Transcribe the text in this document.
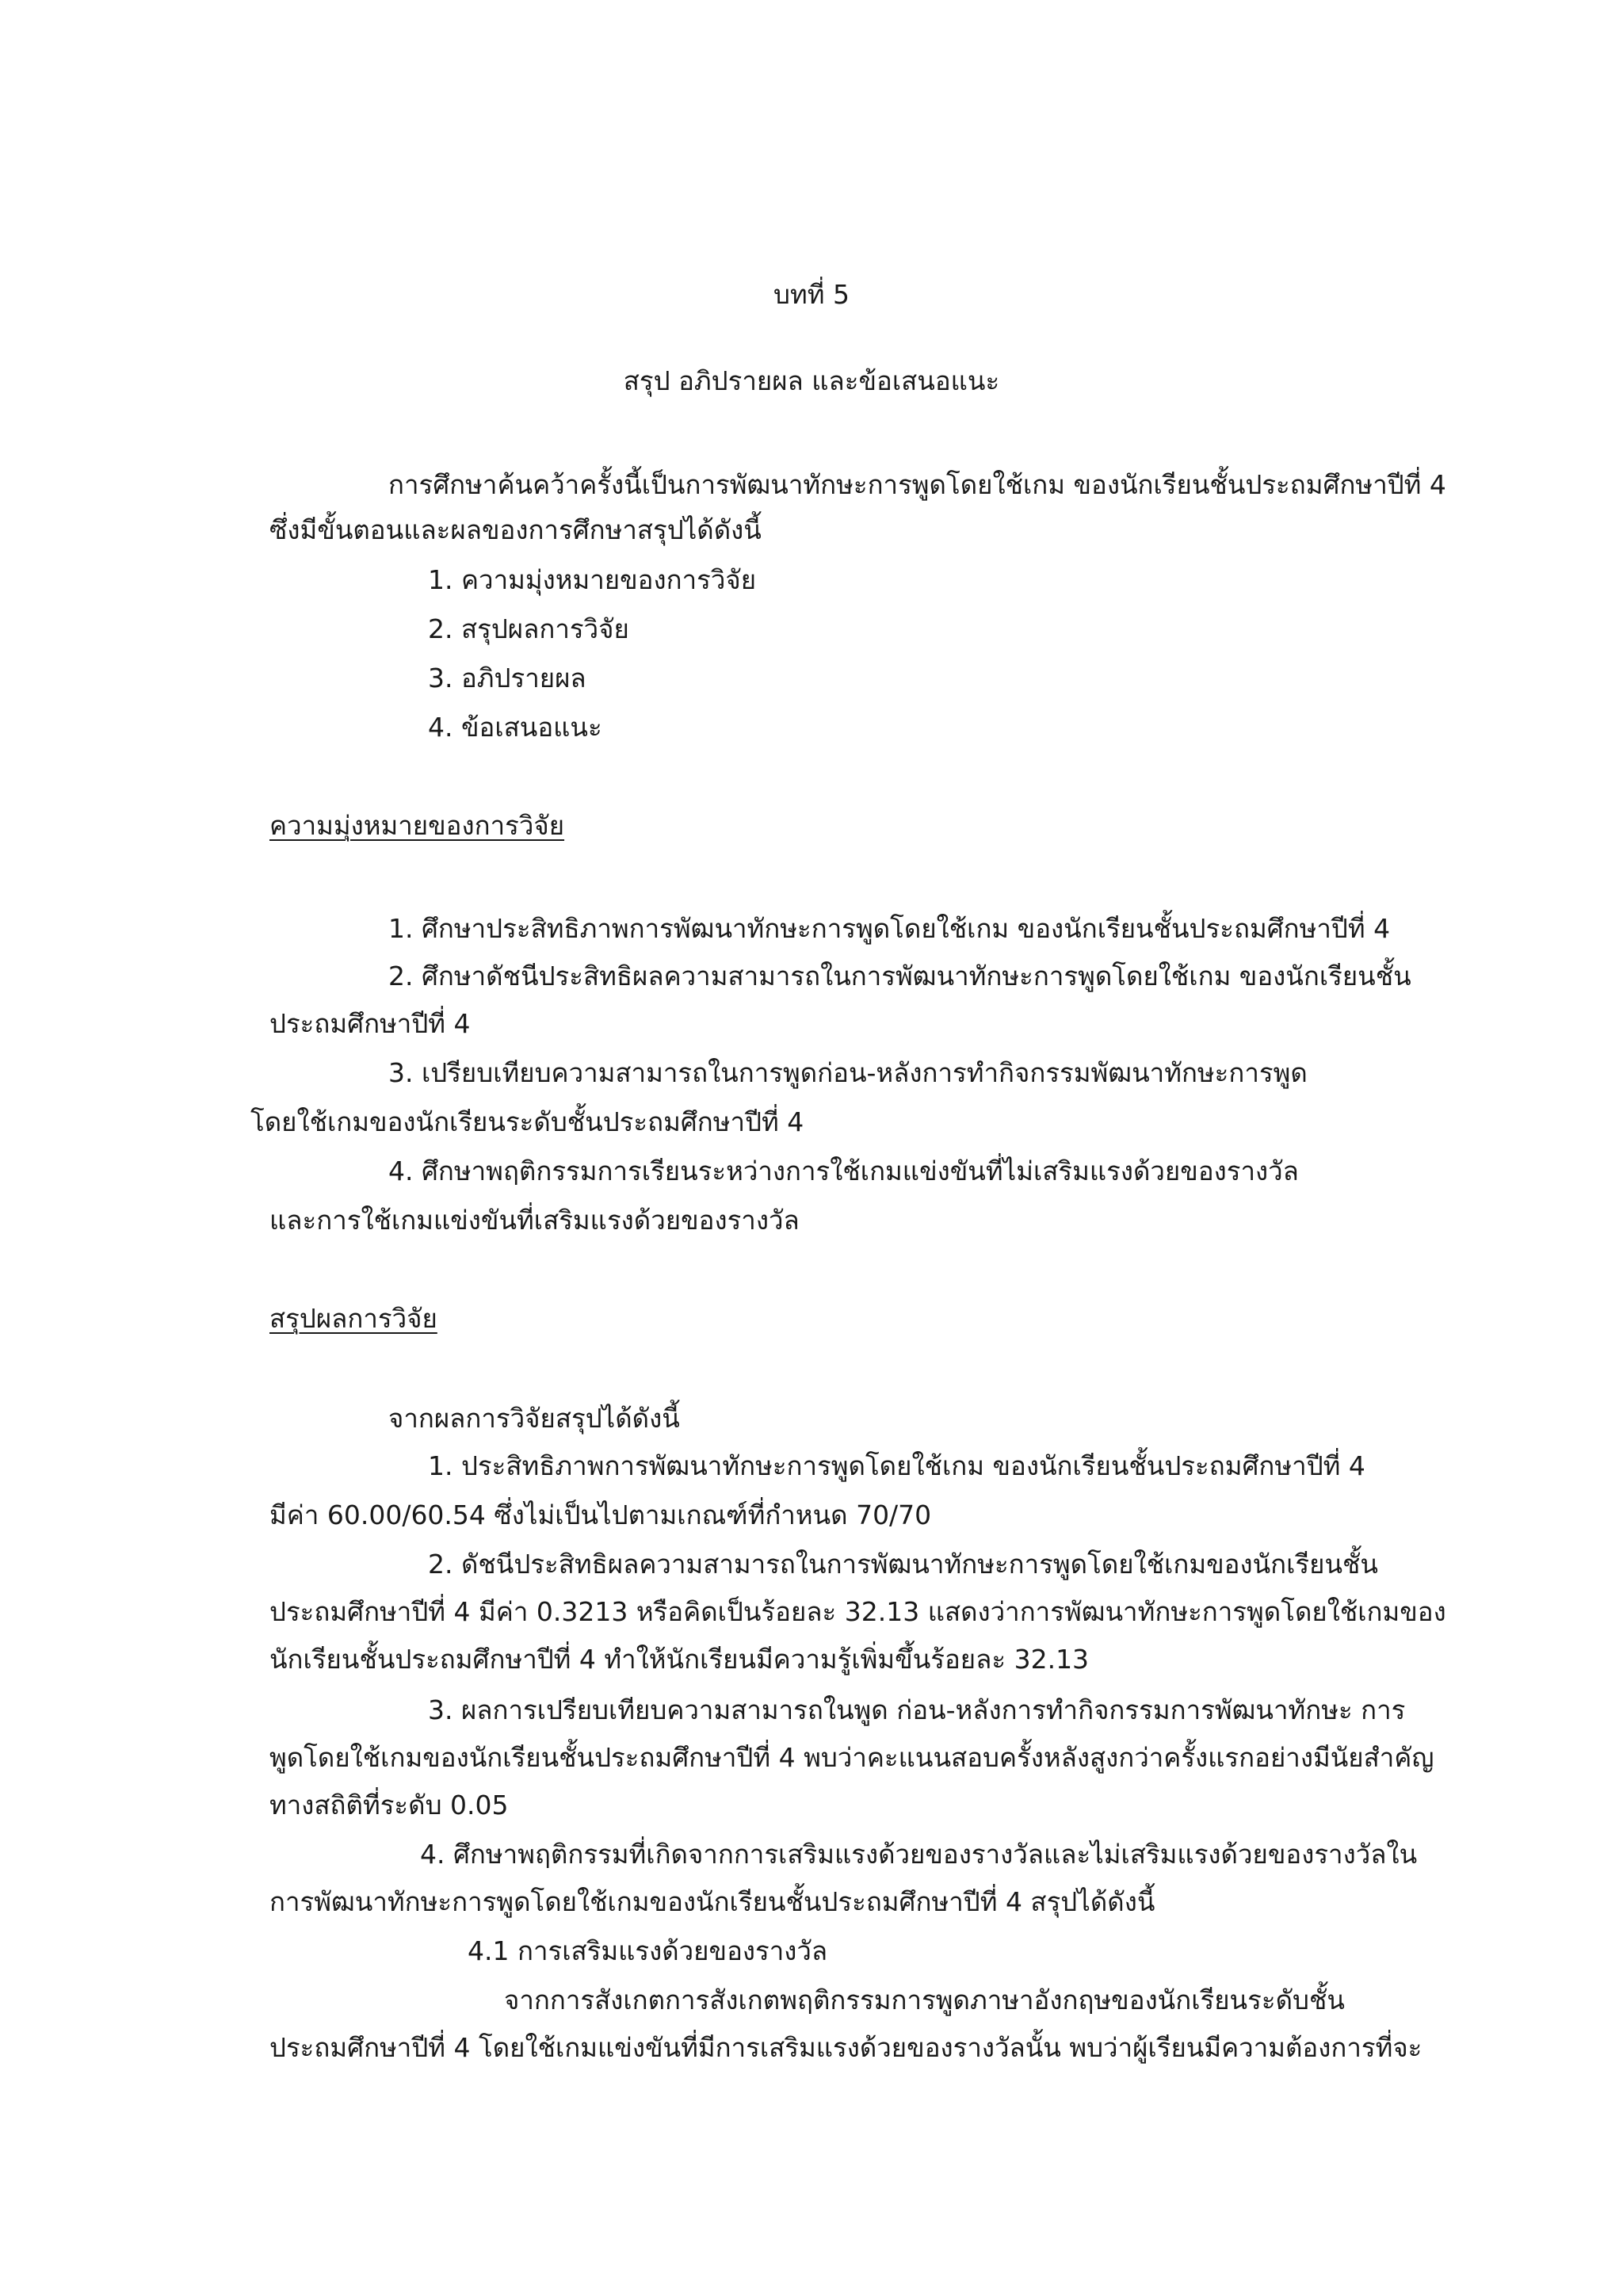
บทที่ 5

สรุป อภิปรายผล และข้อเสนอแนะ

การศึกษาค้นคว้าครั้งนี้เป็นการพัฒนาทักษะการพูดโดยใช้เกม ของนักเรียนชั้นประถมศึกษาปีที่ 4

ซึ่งมีขั้นตอนและผลของการศึกษาสรุปได้ดังนี้

1. ความมุ่งหมายของการวิจัย

2. สรุปผลการวิจัย

3. อภิปรายผล

4. ข้อเสนอแนะ

ความมุ่งหมายของการวิจัย

1. ศึกษาประสิทธิภาพการพัฒนาทักษะการพูดโดยใช้เกม ของนักเรียนชั้นประถมศึกษาปีที่ 4

2. ศึกษาดัชนีประสิทธิผลความสามารถในการพัฒนาทักษะการพูดโดยใช้เกม ของนักเรียนชั้น

ประถมศึกษาปีที่ 4

3. เปรียบเทียบความสามารถในการพูดก่อน-หลังการทำกิจกรรมพัฒนาทักษะการพูด

โดยใช้เกมของนักเรียนระดับชั้นประถมศึกษาปีที่ 4

4. ศึกษาพฤติกรรมการเรียนระหว่างการใช้เกมแข่งขันที่ไม่เสริมแรงด้วยของรางวัล

และการใช้เกมแข่งขันที่เสริมแรงด้วยของรางวัล

สรุปผลการวิจัย

จากผลการวิจัยสรุปได้ดังนี้

1. ประสิทธิภาพการพัฒนาทักษะการพูดโดยใช้เกม ของนักเรียนชั้นประถมศึกษาปีที่ 4

มีค่า 60.00/60.54 ซึ่งไม่เป็นไปตามเกณฑ์ที่กำหนด 70/70

2. ดัชนีประสิทธิผลความสามารถในการพัฒนาทักษะการพูดโดยใช้เกมของนักเรียนชั้น

ประถมศึกษาปีที่ 4 มีค่า 0.3213 หรือคิดเป็นร้อยละ 32.13 แสดงว่าการพัฒนาทักษะการพูดโดยใช้เกมของ

นักเรียนชั้นประถมศึกษาปีที่ 4 ทำให้นักเรียนมีความรู้เพิ่มขึ้นร้อยละ 32.13

3. ผลการเปรียบเทียบความสามารถในพูด ก่อน-หลังการทำกิจกรรมการพัฒนาทักษะ การ

พูดโดยใช้เกมของนักเรียนชั้นประถมศึกษาปีที่ 4 พบว่าคะแนนสอบครั้งหลังสูงกว่าครั้งแรกอย่างมีนัยสำคัญ

ทางสถิติที่ระดับ 0.05

4. ศึกษาพฤติกรรมที่เกิดจากการเสริมแรงด้วยของรางวัลและไม่เสริมแรงด้วยของรางวัลใน

การพัฒนาทักษะการพูดโดยใช้เกมของนักเรียนชั้นประถมศึกษาปีที่ 4 สรุปได้ดังนี้

4.1 การเสริมแรงด้วยของรางวัล

จากการสังเกตการสังเกตพฤติกรรมการพูดภาษาอังกฤษของนักเรียนระดับชั้น

ประถมศึกษาปีที่ 4 โดยใช้เกมแข่งขันที่มีการเสริมแรงด้วยของรางวัลนั้น พบว่าผู้เรียนมีความต้องการที่จะ
